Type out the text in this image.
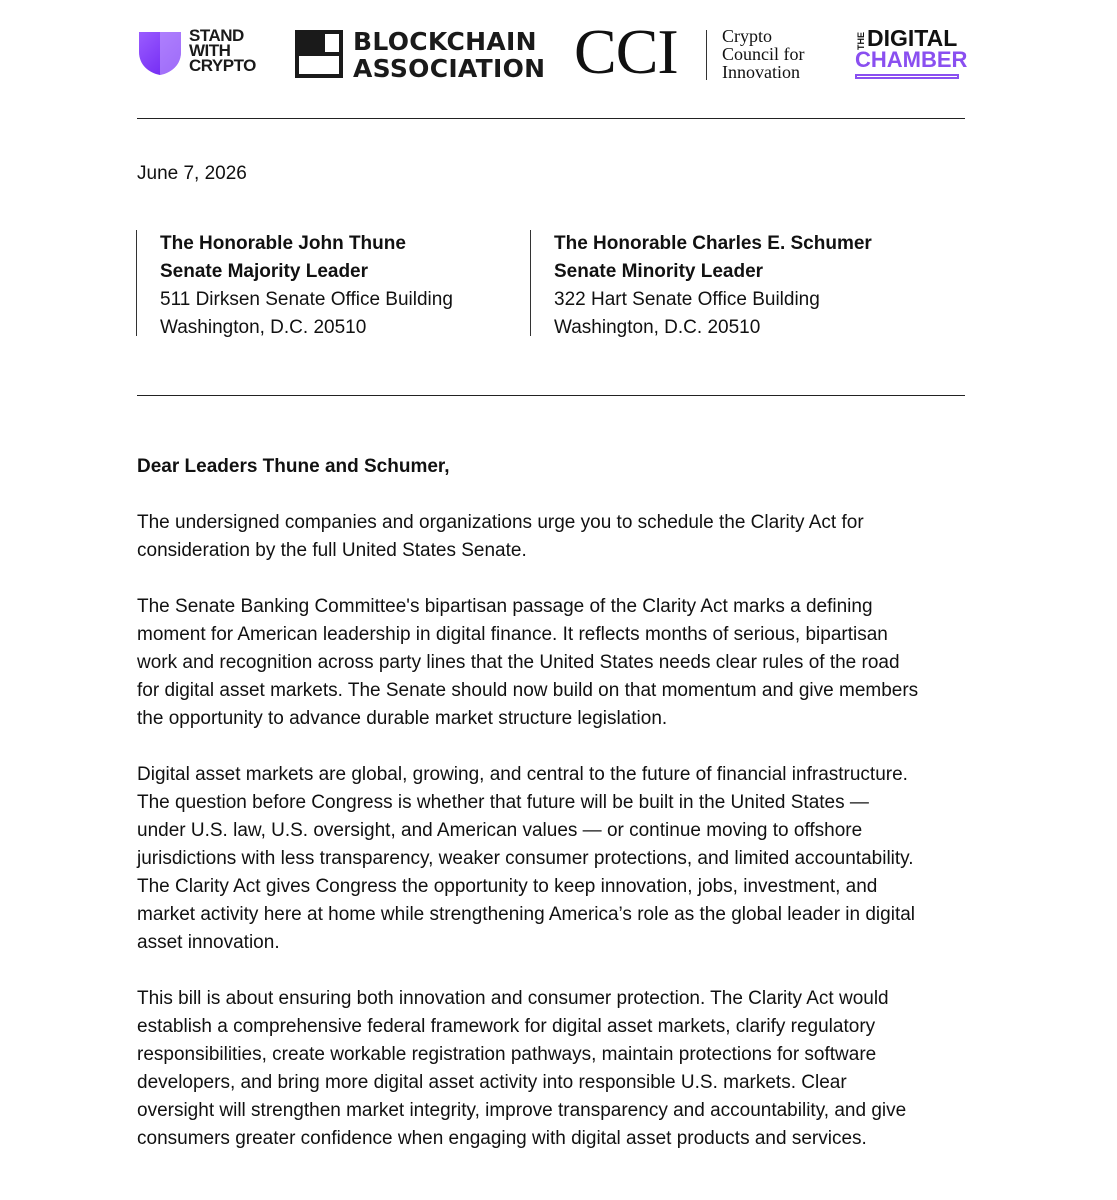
STAND
WITH
CRYPTO
BLOCKCHAIN
ASSOCIATION CCI Crypto
Council for
Innovation
THE DIGITAL
CHAMBER
June 7, 2026
The Honorable John Thune
Senate Majority Leader
511 Dirksen Senate Office Building
Washington, D.C. 20510
The Honorable Charles E. Schumer
Senate Minority Leader
322 Hart Senate Office Building
Washington, D.C. 20510
Dear Leaders Thune and Schumer,
The undersigned companies and organizations urge you to schedule the Clarity Act for
consideration by the full United States Senate.
The Senate Banking Committee's bipartisan passage of the Clarity Act marks a defining
moment for American leadership in digital finance. It reflects months of serious, bipartisan
work and recognition across party lines that the United States needs clear rules of the road
for digital asset markets. The Senate should now build on that momentum and give members
the opportunity to advance durable market structure legislation.
Digital asset markets are global, growing, and central to the future of financial infrastructure.
The question before Congress is whether that future will be built in the United States —
under U.S. law, U.S. oversight, and American values — or continue moving to offshore
jurisdictions with less transparency, weaker consumer protections, and limited accountability.
The Clarity Act gives Congress the opportunity to keep innovation, jobs, investment, and
market activity here at home while strengthening America’s role as the global leader in digital
asset innovation.
This bill is about ensuring both innovation and consumer protection. The Clarity Act would
establish a comprehensive federal framework for digital asset markets, clarify regulatory
responsibilities, create workable registration pathways, maintain protections for software
developers, and bring more digital asset activity into responsible U.S. markets. Clear
oversight will strengthen market integrity, improve transparency and accountability, and give
consumers greater confidence when engaging with digital asset products and services.
